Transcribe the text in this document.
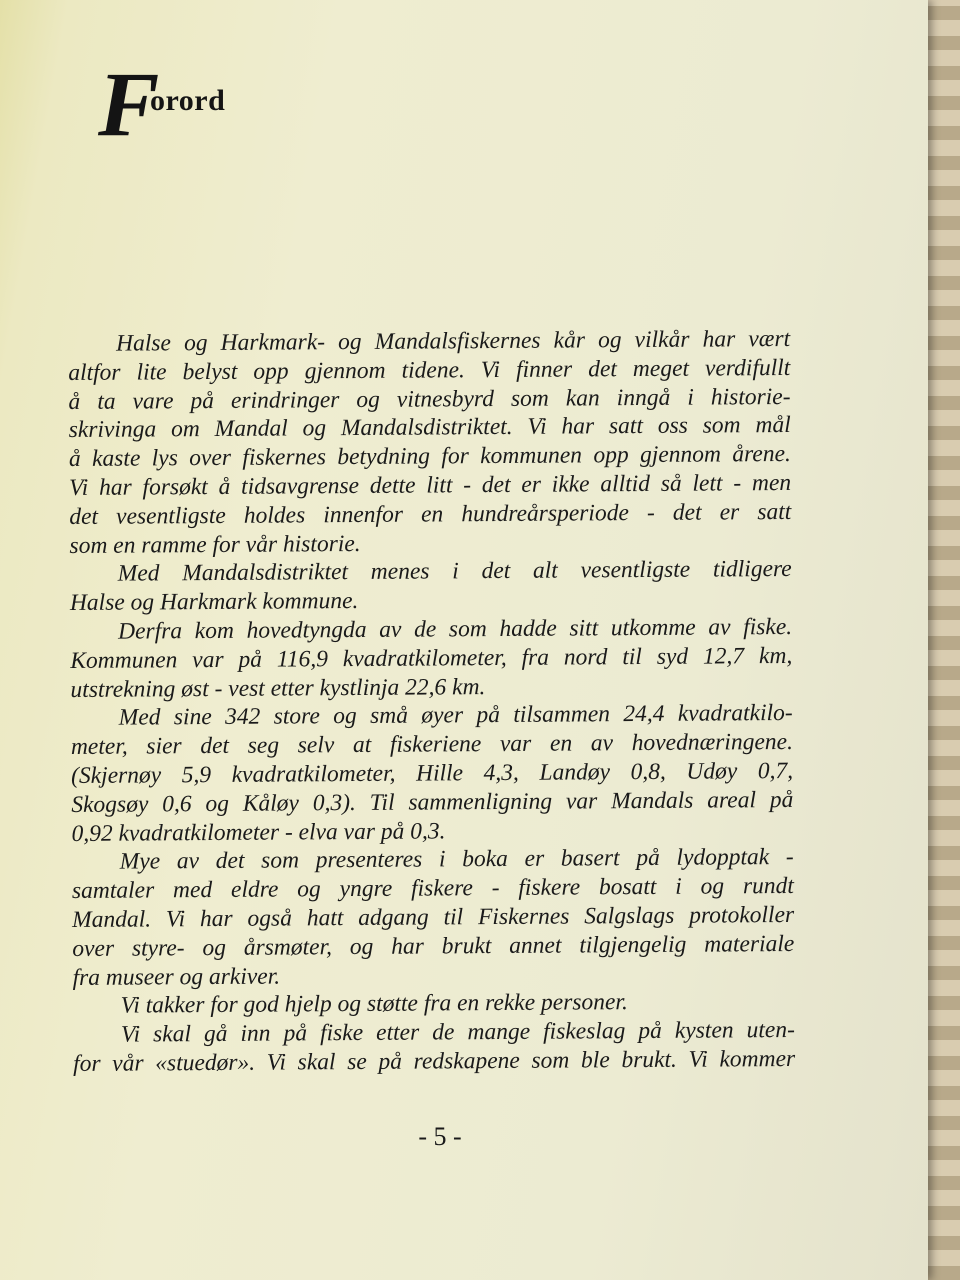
F
orord
Halse og Harkmark- og Mandalsfiskernes kår og vilkår har vært
altfor lite belyst opp gjennom tidene. Vi finner det meget verdifullt
å ta vare på erindringer og vitnesbyrd som kan inngå i historie-
skrivinga om Mandal og Mandalsdistriktet. Vi har satt oss som mål
å kaste lys over fiskernes betydning for kommunen opp gjennom årene.
Vi har forsøkt å tidsavgrense dette litt - det er ikke alltid så lett - men
det vesentligste holdes innenfor en hundreårsperiode - det er satt
som en ramme for vår historie.
Med Mandalsdistriktet menes i det alt vesentligste tidligere
Halse og Harkmark kommune.
Derfra kom hovedtyngda av de som hadde sitt utkomme av fiske.
Kommunen var på 116,9 kvadratkilometer, fra nord til syd 12,7 km,
utstrekning øst - vest etter kystlinja 22,6 km.
Med sine 342 store og små øyer på tilsammen 24,4 kvadratkilo-
meter, sier det seg selv at fiskeriene var en av hovednæringene.
(Skjernøy 5,9 kvadratkilometer, Hille 4,3, Landøy 0,8, Udøy 0,7,
Skogsøy 0,6 og Kåløy 0,3). Til sammenligning var Mandals areal på
0,92 kvadratkilometer - elva var på 0,3.
Mye av det som presenteres i boka er basert på lydopptak -
samtaler med eldre og yngre fiskere - fiskere bosatt i og rundt
Mandal. Vi har også hatt adgang til Fiskernes Salgslags protokoller
over styre- og årsmøter, og har brukt annet tilgjengelig materiale
fra museer og arkiver.
Vi takker for god hjelp og støtte fra en rekke personer.
Vi skal gå inn på fiske etter de mange fiskeslag på kysten uten-
for vår «stuedør». Vi skal se på redskapene som ble brukt. Vi kommer
- 5 -
